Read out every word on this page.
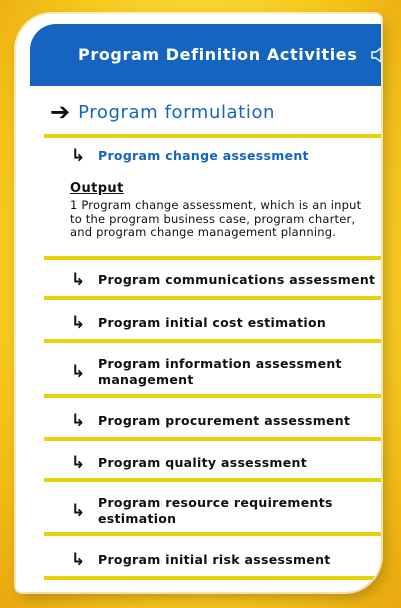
Program Definition Activities
➔ Program formulation
↳ Program change assessment
Output
1 Program change assessment, which is an input to the program business case, program charter, and program change management planning.
↳ Program communications assessment
↳ Program initial cost estimation
↳ Program information assessment management
↳ Program procurement assessment
↳ Program quality assessment
↳ Program resource requirements estimation
↳ Program initial risk assessment
